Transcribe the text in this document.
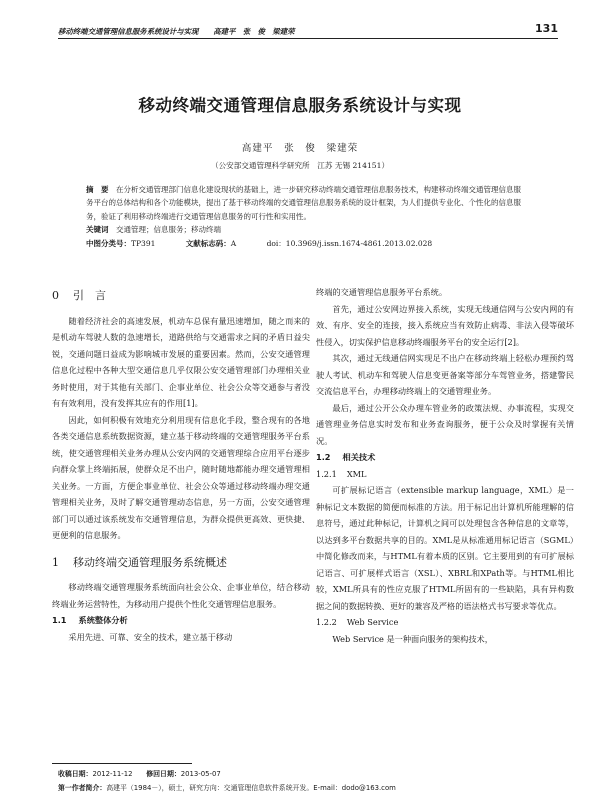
移动终端交通管理信息服务系统设计与实现　　高建平　张　俊　梁建荣	131
移动终端交通管理信息服务系统设计与实现
高建平　张　俊　梁建荣
（公安部交通管理科学研究所　江苏 无锡 214151）
摘　要　 在分析交通管理部门信息化建设现状的基础上，进一步研究移动终端交通管理信息服务技术，构建移动终端交通管理信息服务平台的总体结构和各个功能模块，提出了基于移动终端的交通管理信息服务系统的设计框架，为人们提供专业化、个性化的信息服务，验证了利用移动终端进行交通管理信息服务的可行性和实用性。
关键词　 交通管理；信息服务；移动终端
中图分类号：TP391	文献标志码：A	doi：10.3969/j.issn.1674-4861.2013.02.028
0 引　言

随着经济社会的高速发展，机动车总保有量迅速增加，随之而来的是机动车驾驶人数的急速增长，道路供给与交通需求之间的矛盾日益尖锐，交通问题日益成为影响城市发展的重要因素。然而，公安交通管理信息化过程中各种大型交通信息几乎仅限公安交通管理部门办理相关业务时使用，对于其他有关部门、企事业单位、社会公众等交通参与者没有有效利用，没有发挥其应有的作用[1]。

因此，如何积极有效地充分利用现有信息化手段，整合现有的各地各类交通信息系统数据资源，建立基于移动终端的交通管理服务平台系统，使交通管理相关业务办理从公安内网的交通管理综合应用平台逐步向群众掌上终端拓展，使群众足不出户，随时随地都能办理交通管理相关业务。一方面，方便企事业单位、社会公众等通过移动终端办理交通管理相关业务，及时了解交通管理动态信息，另一方面，公安交通管理部门可以通过该系统发布交通管理信息，为群众提供更高效、更快捷、更便利的信息服务。

1 移动终端交通管理服务系统概述

移动终端交通管理服务系统面向社会公众、企事业单位，结合移动终端业务运营特性，为移动用户提供个性化交通管理信息服务。

1.1 系统整体分析

采用先进、可靠、安全的技术，建立基于移动

终端的交通管理信息服务平台系统。

首先，通过公安网边界接入系统，实现无线通信网与公安内网的有效、有序、安全的连接，接入系统应当有效防止病毒、非法入侵等破坏性侵入，切实保护信息移动终端服务平台的安全运行[2]。

其次，通过无线通信网实现足不出户在移动终端上轻松办理预约驾驶人考试、机动车和驾驶人信息变更备案等部分车驾管业务，搭建警民交流信息平台，办理移动终端上的交通管理业务。

最后，通过公开公众办理车管业务的政策法规、办事流程，实现交通管理业务信息实时发布和业务查询服务，便于公众及时掌握有关情况。

1.2 相关技术
1.2.1 XML

可扩展标记语言（extensible markup language，XML）是一种标记文本数据的简便而标准的方法。用于标记出计算机所能理解的信息符号，通过此种标记，计算机之间可以处理包含各种信息的文章等，以达到多平台数据共享的目的。XML是从标准通用标记语言（SGML）中简化修改而来，与HTML有着本质的区别。它主要用到的有可扩展标记语言、可扩展样式语言（XSL）、XBRL和XPath等。与HTML相比较，XML所具有的性应克服了HTML所固有的一些缺陷，具有异构数据之间的数据转换、更好的兼容及严格的语法格式书写要求等优点。

1.2.2 Web Service

Web Service 是一种面向服务的架构技术，

收稿日期：2012-11-12　　 修回日期：2013-05-07
第一作者简介：高建平（1984－），硕士，研究方向：交通管理信息软件系统开发。E-mail：dodo@163.com
